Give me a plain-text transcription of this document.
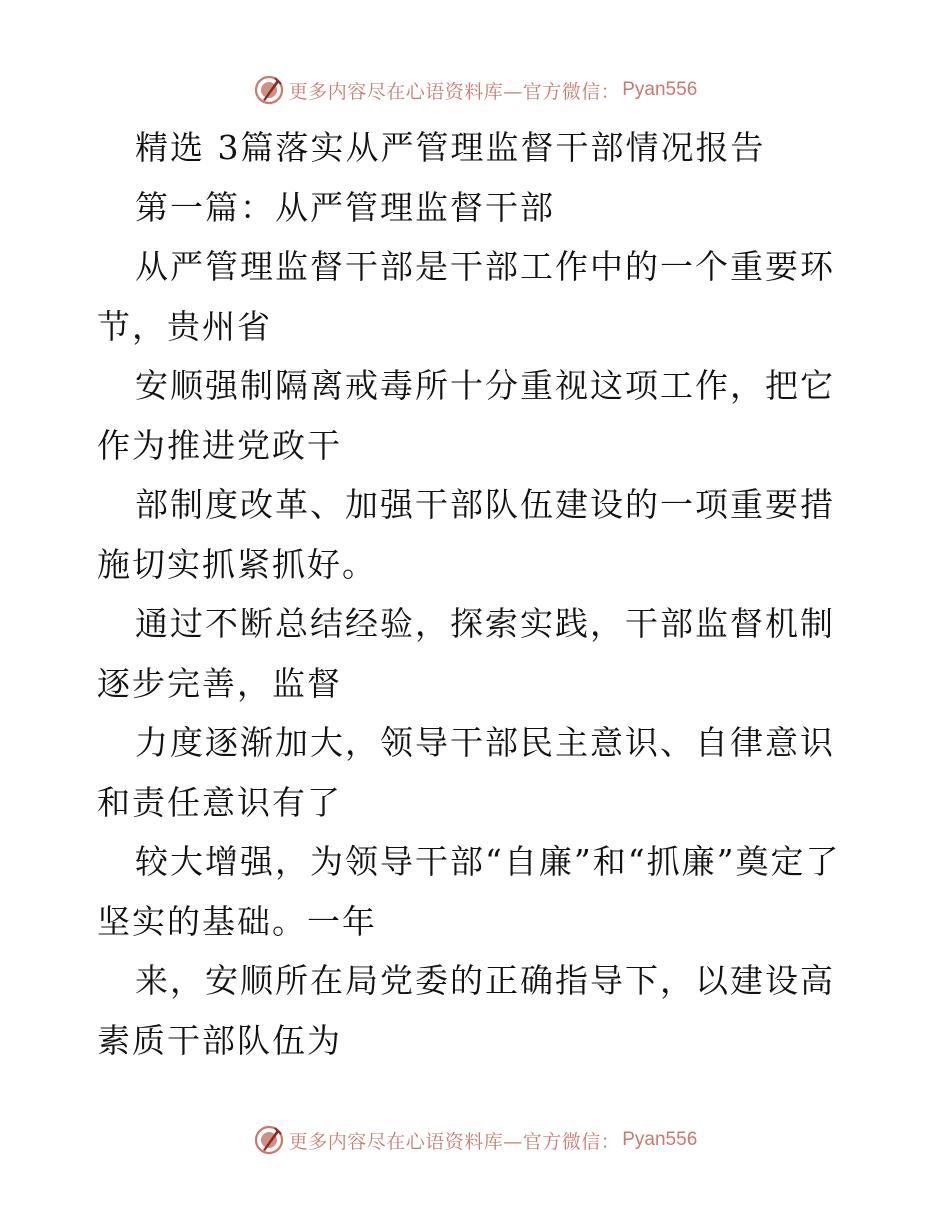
更多内容尽在心语资料库—官方微信： Pyan556

精选 3篇落实从严管理监督干部情况报告

第一篇：从严管理监督干部

从严管理监督干部是干部工作中的一个重要环节，贵州省

安顺强制隔离戒毒所十分重视这项工作，把它作为推进党政干

部制度改革、加强干部队伍建设的一项重要措施切实抓紧抓好。

通过不断总结经验，探索实践，干部监督机制逐步完善，监督

力度逐渐加大，领导干部民主意识、自律意识和责任意识有了

较大增强，为领导干部“自廉”和“抓廉”奠定了坚实的基础。一年

来，安顺所在局党委的正确指导下，以建设高素质干部队伍为

更多内容尽在心语资料库—官方微信： Pyan556
